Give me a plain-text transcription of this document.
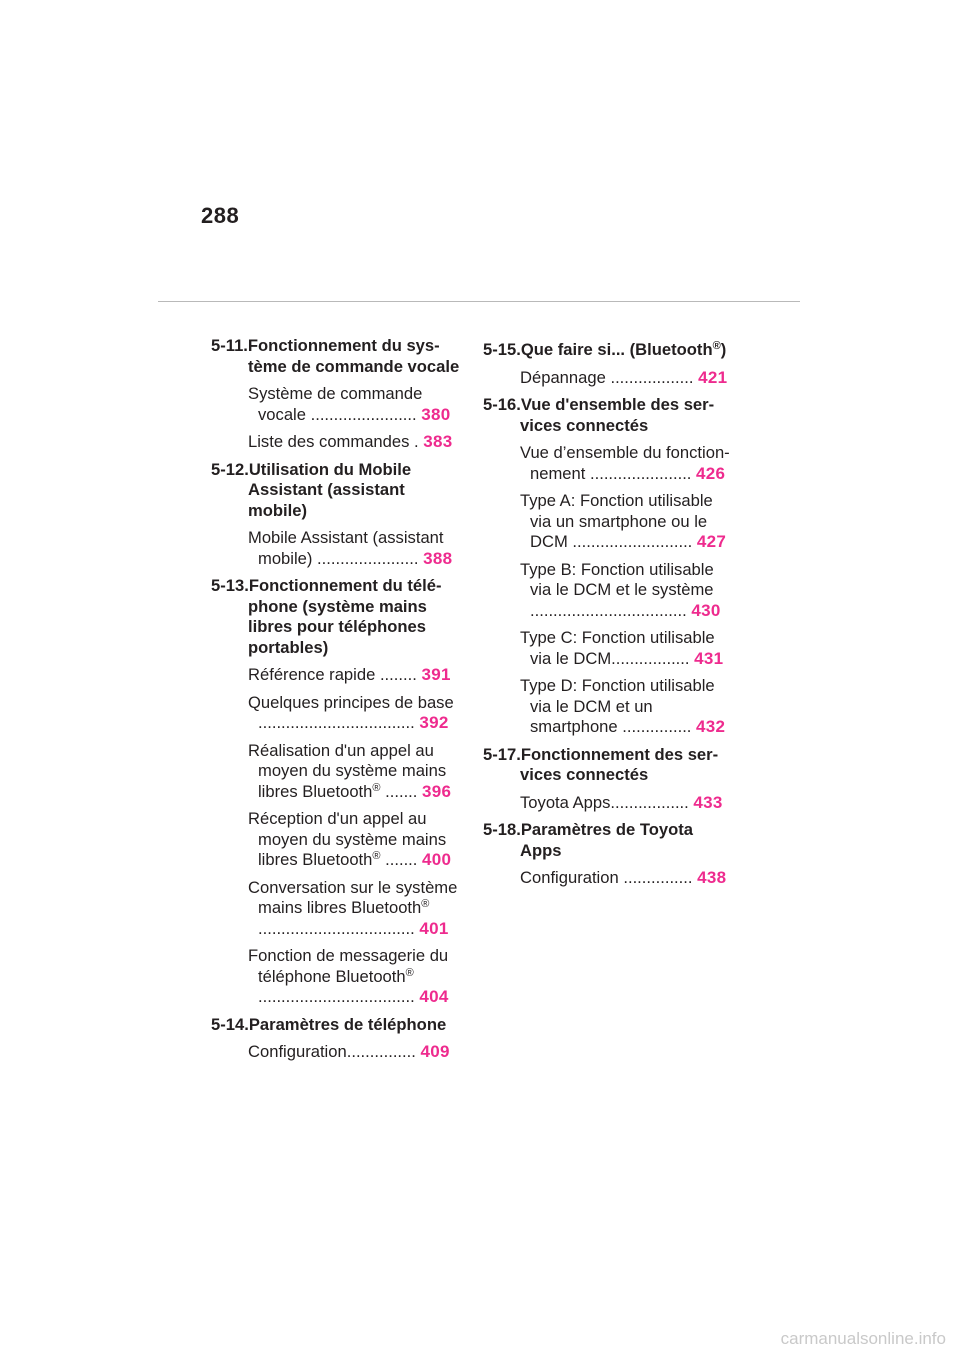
288
5-11.Fonctionnement du sys-tème de commande vocale
Système de commande vocale ....................... 380
Liste des commandes . 383
5-12.Utilisation du Mobile Assistant (assistant mobile)
Mobile Assistant (assistant mobile) ...................... 388
5-13.Fonctionnement du télé-phone (système mains libres pour téléphones portables)
Référence rapide ........ 391
Quelques principes de base .................................. 392
Réalisation d'un appel au moyen du système mains libres Bluetooth® ....... 396
Réception d'un appel au moyen du système mains libres Bluetooth® ....... 400
Conversation sur le système mains libres Bluetooth® .................................. 401
Fonction de messagerie du téléphone Bluetooth® .................................. 404
5-14.Paramètres de téléphone
Configuration............... 409
5-15.Que faire si... (Bluetooth®)
Dépannage .................. 421
5-16.Vue d'ensemble des ser-vices connectés
Vue d’ensemble du fonction-nement ...................... 426
Type A: Fonction utilisable via un smartphone ou le DCM .......................... 427
Type B: Fonction utilisable via le DCM et le système .................................. 430
Type C: Fonction utilisable via le DCM................. 431
Type D: Fonction utilisable via le DCM et un smartphone ............... 432
5-17.Fonctionnement des ser-vices connectés
Toyota Apps................. 433
5-18.Paramètres de Toyota Apps
Configuration ............... 438
carmanualsonline.info
